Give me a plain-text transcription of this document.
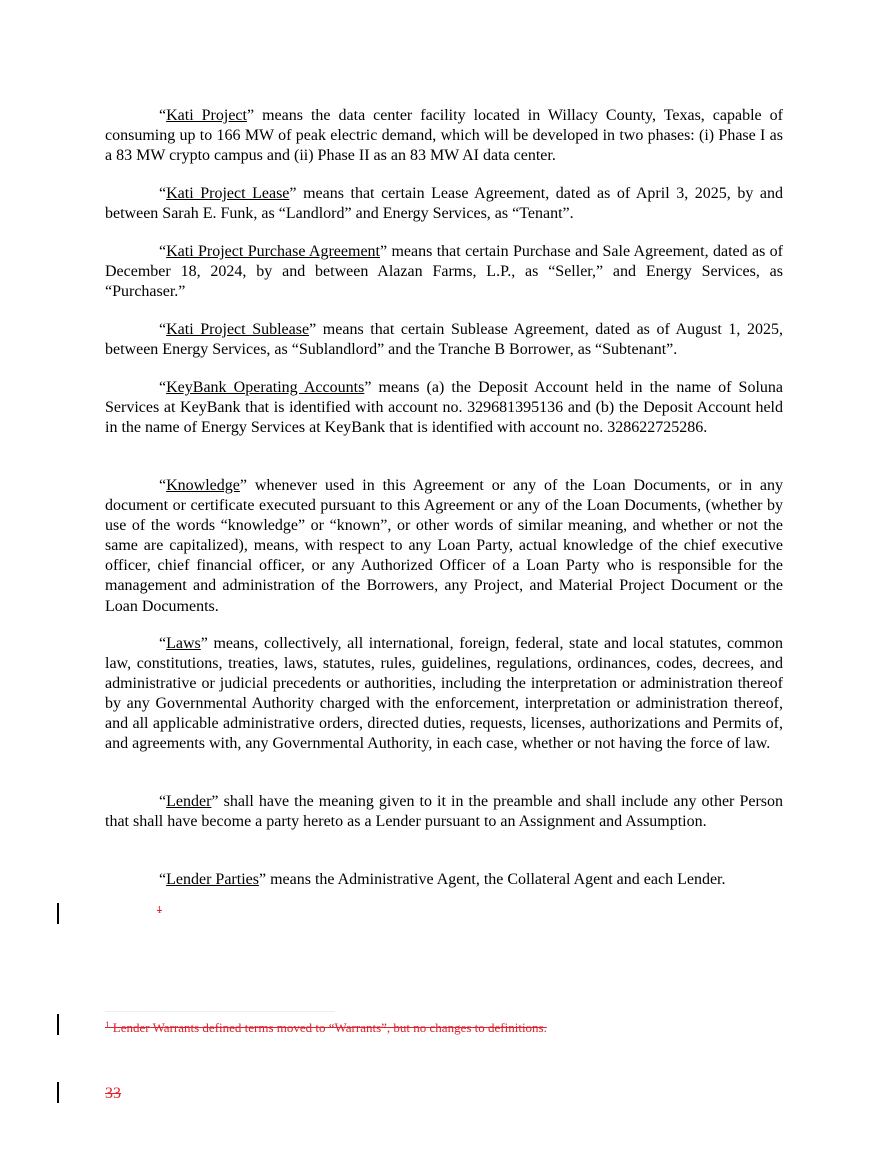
“Kati Project” means the data center facility located in Willacy County, Texas, capable of consuming up to 166 MW of peak electric demand, which will be developed in two phases: (i) Phase I as a 83 MW crypto campus and (ii) Phase II as an 83 MW AI data center.

“Kati Project Lease” means that certain Lease Agreement, dated as of April 3, 2025, by and between Sarah E. Funk, as “Landlord” and Energy Services, as “Tenant”.

“Kati Project Purchase Agreement” means that certain Purchase and Sale Agreement, dated as of December 18, 2024, by and between Alazan Farms, L.P., as “Seller,” and Energy Services, as “Purchaser.”

“Kati Project Sublease” means that certain Sublease Agreement, dated as of August 1, 2025, between Energy Services, as “Sublandlord” and the Tranche B Borrower, as “Subtenant”.

“KeyBank Operating Accounts” means (a) the Deposit Account held in the name of Soluna Services at KeyBank that is identified with account no. 329681395136 and (b) the Deposit Account held in the name of Energy Services at KeyBank that is identified with account no. 328622725286.

“Knowledge” whenever used in this Agreement or any of the Loan Documents, or in any document or certificate executed pursuant to this Agreement or any of the Loan Documents, (whether by use of the words “knowledge” or “known”, or other words of similar meaning, and whether or not the same are capitalized), means, with respect to any Loan Party, actual knowledge of the chief executive officer, chief financial officer, or any Authorized Officer of a Loan Party who is responsible for the management and administration of the Borrowers, any Project, and Material Project Document or the Loan Documents.

“Laws” means, collectively, all international, foreign, federal, state and local statutes, common law, constitutions, treaties, laws, statutes, rules, guidelines, regulations, ordinances, codes, decrees, and administrative or judicial precedents or authorities, including the interpretation or administration thereof by any Governmental Authority charged with the enforcement, interpretation or administration thereof, and all applicable administrative orders, directed duties, requests, licenses, authorizations and Permits of, and agreements with, any Governmental Authority, in each case, whether or not having the force of law.

“Lender” shall have the meaning given to it in the preamble and shall include any other Person that shall have become a party hereto as a Lender pursuant to an Assignment and Assumption.

“Lender Parties” means the Administrative Agent, the Collateral Agent and each Lender.

1
$^1$ Lender Warrants defined terms moved to “Warrants”, but no changes to definitions.
33
